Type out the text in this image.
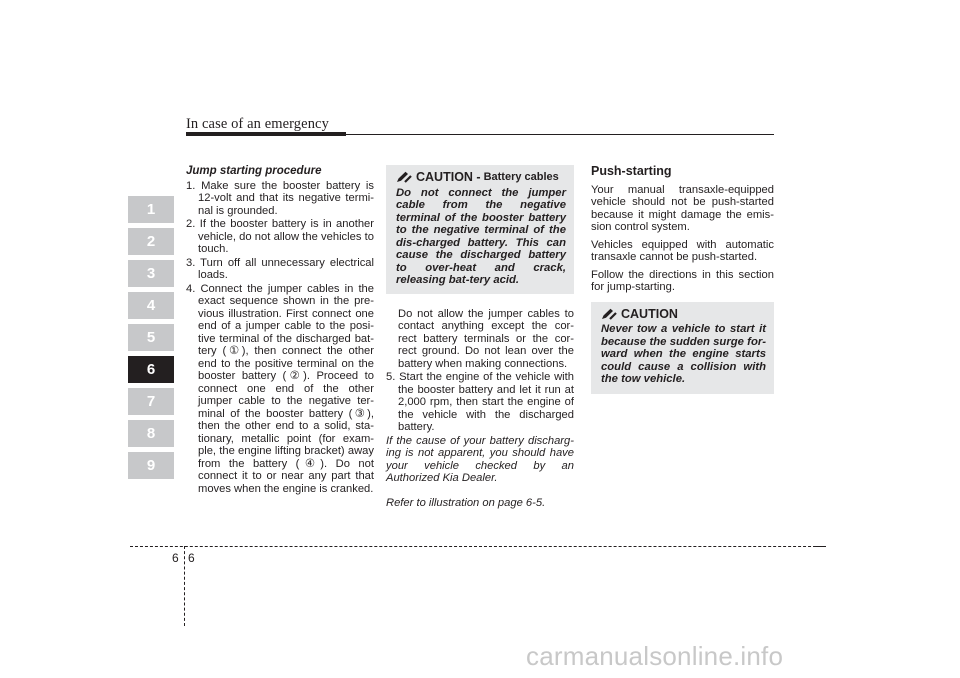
In case of an emergency
1
2
3
4
5
6
7
8
9
Jump starting procedure
1. Make sure the booster battery is 12-volt and that its negative termi-nal is grounded.
2. If the booster battery is in another vehicle, do not allow the vehicles to touch.
3. Turn off all unnecessary electrical loads.
4. Connect the jumper cables in the exact sequence shown in the pre-vious illustration. First connect one end of a jumper cable to the posi-tive terminal of the discharged bat-tery (①), then connect the other end to the positive terminal on the booster battery (②). Proceed to connect one end of the other jumper cable to the negative ter-minal of the booster battery (③), then the other end to a solid, sta-tionary, metallic point (for exam-ple, the engine lifting bracket) away from the battery (④). Do not connect it to or near any part that moves when the engine is cranked.
CAUTION - Battery cables
Do not connect the jumper cable from the negative terminal of the booster battery to the negative terminal of the dis-charged battery. This can cause the discharged battery to over-heat and crack, releasing bat-tery acid.
Do not allow the jumper cables to contact anything except the cor-rect battery terminals or the cor-rect ground. Do not lean over the battery when making connections.
5. Start the engine of the vehicle with the booster battery and let it run at 2,000 rpm, then start the engine of the vehicle with the discharged battery.
If the cause of your battery discharg-ing is not apparent, you should have your vehicle checked by an Authorized Kia Dealer.
Refer to illustration on page 6-5.
Push-starting

Your manual transaxle-equipped vehicle should not be push-started because it might damage the emis-sion control system.

Vehicles equipped with automatic transaxle cannot be push-started.

Follow the directions in this section for jump-starting.

CAUTION
Never tow a vehicle to start it because the sudden surge for-ward when the engine starts could cause a collision with the tow vehicle.
6 6
carmanualsonline.info
